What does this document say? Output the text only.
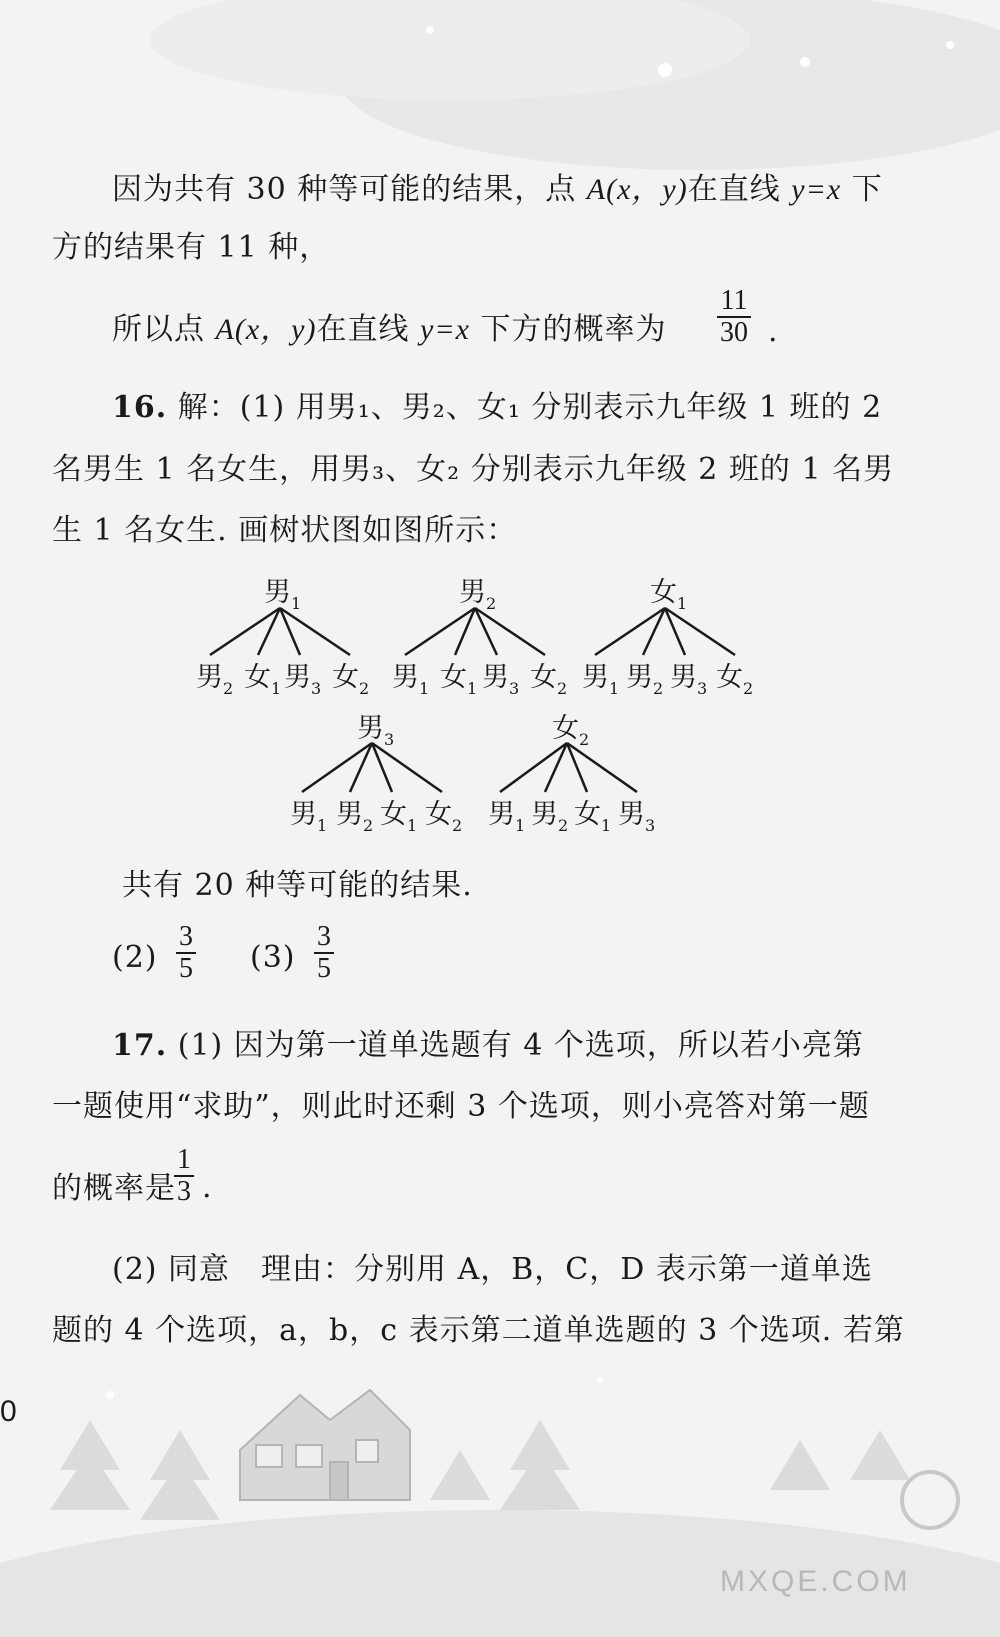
因为共有 30 种等可能的结果，点 A(x，y)在直线 y=x 下
方的结果有 11 种，
所以点 A(x，y)在直线 y=x 下方的概率为 $\frac{11}{30}$ .
16. 解：(1) 用男₁、男₂、女₁ 分别表示九年级 1 班的 2
名男生 1 名女生，用男₃、女₂ 分别表示九年级 2 班的 1 名男
生 1 名女生. 画树状图如图所示：
男$_1$
男$_2$ 女$_1$ 男$_3$ 女$_2$
男$_2$
男$_1$ 女$_1$ 男$_3$ 女$_2$
女$_1$
男$_1$ 男$_2$ 男$_3$ 女$_2$
男$_3$
男$_1$ 男$_2$ 女$_1$ 女$_2$
女$_2$
男$_1$ 男$_2$ 女$_1$ 男$_3$
共有 20 种等可能的结果.
$(2) \frac{3}{5} (3) \frac{3}{5}$
17. (1) 因为第一道单选题有 4 个选项，所以若小亮第
一题使用“求助”，则此时还剩 3 个选项，则小亮答对第一题
的概率是
$\frac{1}{3}$ .
(2) 同意　理由：分别用 A，B，C，D 表示第一道单选
题的 4 个选项，a，b，c 表示第二道单选题的 3 个选项. 若第
0
MXQE.COM
